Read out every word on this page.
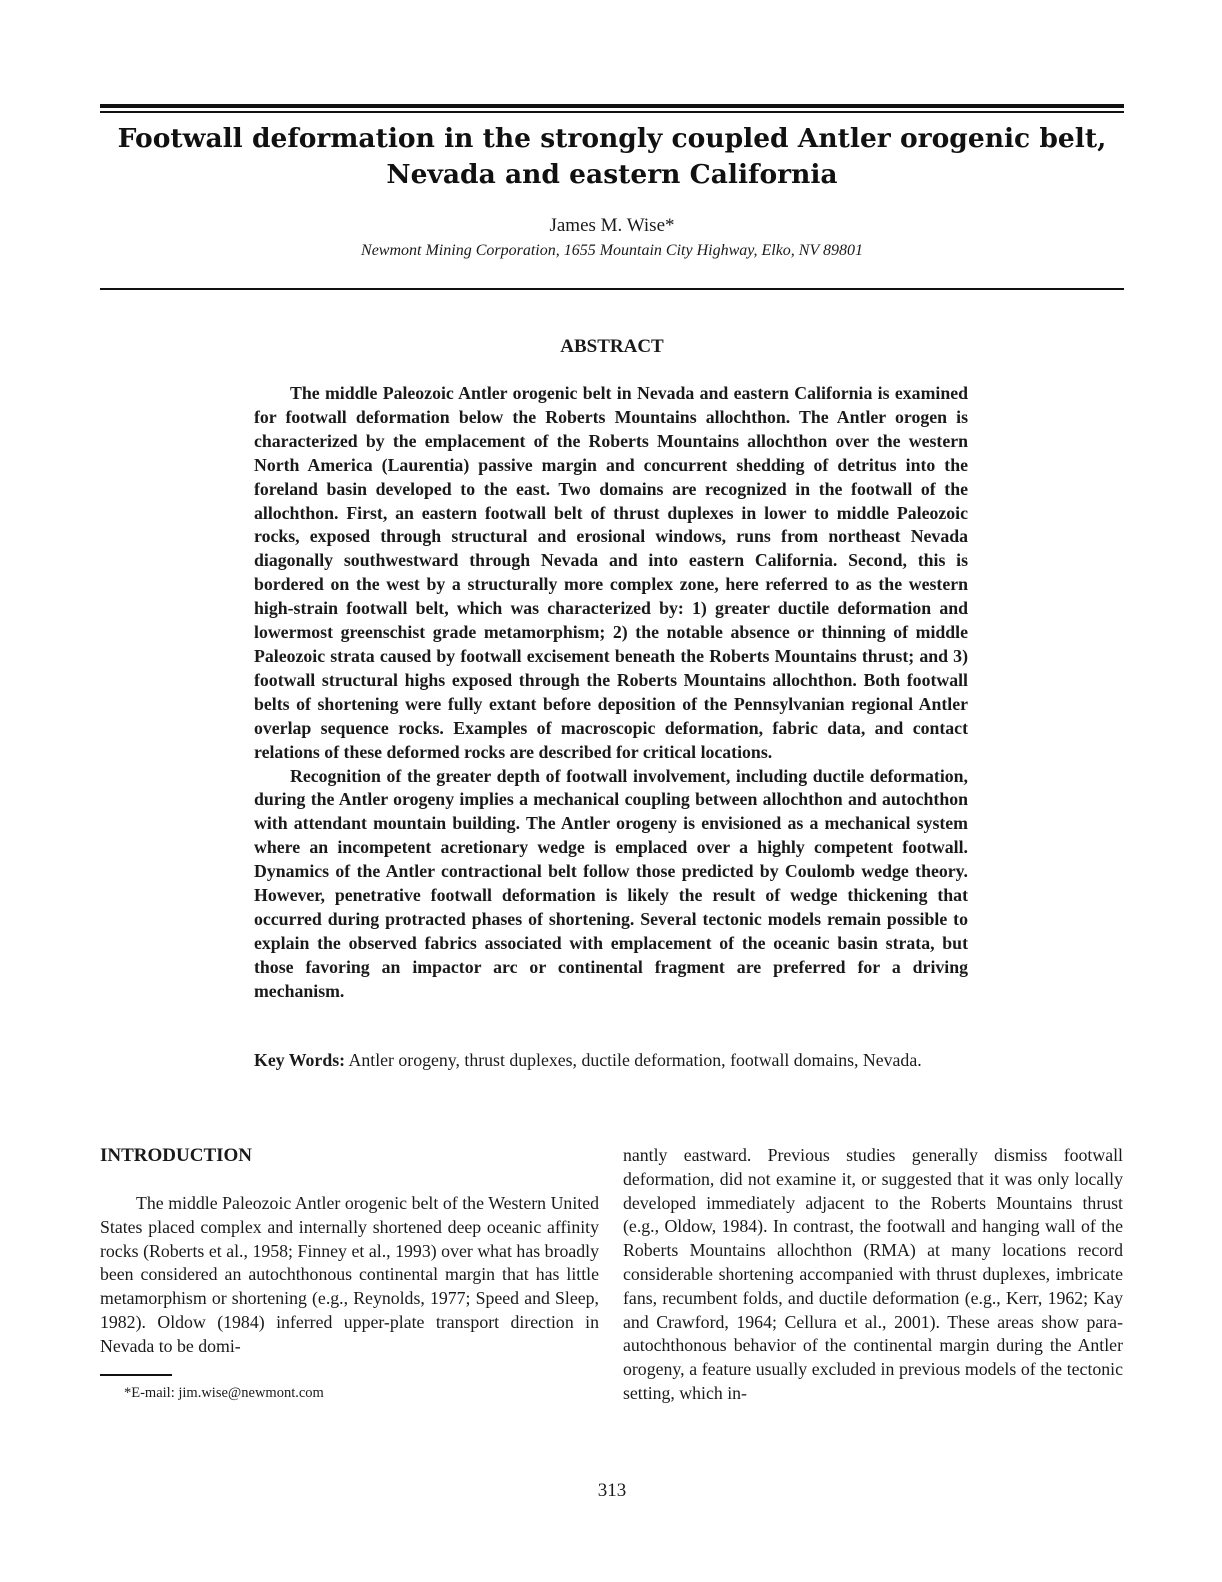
Footwall deformation in the strongly coupled Antler orogenic belt,
Nevada and eastern California
James M. Wise*
Newmont Mining Corporation, 1655 Mountain City Highway, Elko, NV 89801
ABSTRACT

The middle Paleozoic Antler orogenic belt in Nevada and eastern California is examined for footwall deformation below the Roberts Mountains allochthon. The Antler orogen is characterized by the emplacement of the Roberts Mountains allochthon over the western North America (Laurentia) passive margin and concurrent shedding of detritus into the foreland basin developed to the east. Two domains are recognized in the footwall of the allochthon. First, an eastern footwall belt of thrust duplexes in lower to middle Paleozoic rocks, exposed through structural and erosional windows, runs from northeast Nevada diagonally southwestward through Nevada and into eastern California. Second, this is bordered on the west by a structurally more complex zone, here referred to as the western high-strain footwall belt, which was characterized by: 1) greater ductile deformation and lowermost greenschist grade metamorphism; 2) the notable absence or thinning of middle Paleozoic strata caused by footwall excisement beneath the Roberts Mountains thrust; and 3) footwall structural highs exposed through the Roberts Mountains allochthon. Both footwall belts of shortening were fully extant before deposition of the Pennsylvanian regional Antler overlap sequence rocks. Examples of macroscopic deformation, fabric data, and contact relations of these deformed rocks are described for critical locations.

Recognition of the greater depth of footwall involvement, including ductile deformation, during the Antler orogeny implies a mechanical coupling between allochthon and autochthon with attendant mountain building. The Antler orogeny is envisioned as a mechanical system where an incompetent acretionary wedge is emplaced over a highly competent footwall. Dynamics of the Antler contractional belt follow those predicted by Coulomb wedge theory. However, penetrative footwall deformation is likely the result of wedge thickening that occurred during protracted phases of shortening. Several tectonic models remain possible to explain the observed fabrics associated with emplacement of the oceanic basin strata, but those favoring an impactor arc or continental fragment are preferred for a driving mechanism.

Key Words: Antler orogeny, thrust duplexes, ductile deformation, footwall domains, Nevada.
INTRODUCTION

The middle Paleozoic Antler orogenic belt of the Western United States placed complex and internally shortened deep oceanic affinity rocks (Roberts et al., 1958; Finney et al., 1993) over what has broadly been considered an autochthonous continental margin that has little metamorphism or shortening (e.g., Reynolds, 1977; Speed and Sleep, 1982). Oldow (1984) inferred upper-plate transport direction in Nevada to be domi-

*E-mail: jim.wise@newmont.com

nantly eastward. Previous studies generally dismiss footwall deformation, did not examine it, or suggested that it was only locally developed immediately adjacent to the Roberts Mountains thrust (e.g., Oldow, 1984). In contrast, the footwall and hanging wall of the Roberts Mountains allochthon (RMA) at many locations record considerable shortening accompanied with thrust duplexes, imbricate fans, recumbent folds, and ductile deformation (e.g., Kerr, 1962; Kay and Crawford, 1964; Cellura et al., 2001). These areas show para-autochthonous behavior of the continental margin during the Antler orogeny, a feature usually excluded in previous models of the tectonic setting, which in-

313
